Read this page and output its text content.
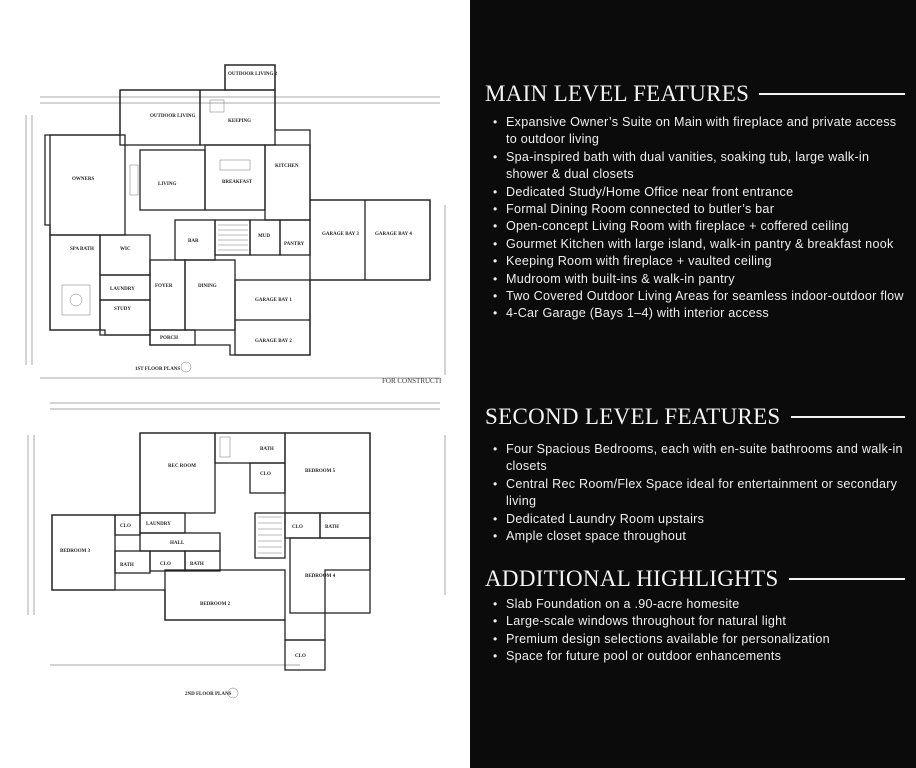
OUTDOOR LIVING 2
OUTDOOR LIVING
KEEPING
OWNERS
KITCHEN
LIVING	BREAKFAST
SPA BATH	WIC
MUD
PANTRY
GARAGE BAY 3	GARAGE BAY 4
LAUNDRY
BAR
FOYER	DINING
STUDY
PORCH
GARAGE BAY 1
GARAGE BAY 2
1ST FLOOR PLANS
FOR CONSTRUCTI
REC ROOM
BATH
CLO
BEDROOM 5
CLO	LAUNDRY
HALL
CLO	BATH
BEDROOM 3
BATH
CLO	BATH
BEDROOM 4
BEDROOM 2
CLO
2ND FLOOR PLANS
MAIN LEVEL FEATURES
• Expansive Owner’s Suite on Main with fireplace and private access to outdoor living
• Spa-inspired bath with dual vanities, soaking tub, large walk-in shower & dual closets
• Dedicated Study/Home Office near front entrance
• Formal Dining Room connected to butler’s bar
• Open-concept Living Room with fireplace + coffered ceiling
• Gourmet Kitchen with large island, walk-in pantry & breakfast nook
• Keeping Room with fireplace + vaulted ceiling
• Mudroom with built-ins & walk-in pantry
• Two Covered Outdoor Living Areas for seamless indoor-outdoor flow
• 4-Car Garage (Bays 1–4) with interior access
SECOND LEVEL FEATURES
• Four Spacious Bedrooms, each with en-suite bathrooms and walk-in closets
• Central Rec Room/Flex Space ideal for entertainment or secondary living
• Dedicated Laundry Room upstairs
• Ample closet space throughout
ADDITIONAL HIGHLIGHTS
• Slab Foundation on a .90-acre homesite
• Large-scale windows throughout for natural light
• Premium design selections available for personalization
• Space for future pool or outdoor enhancements
